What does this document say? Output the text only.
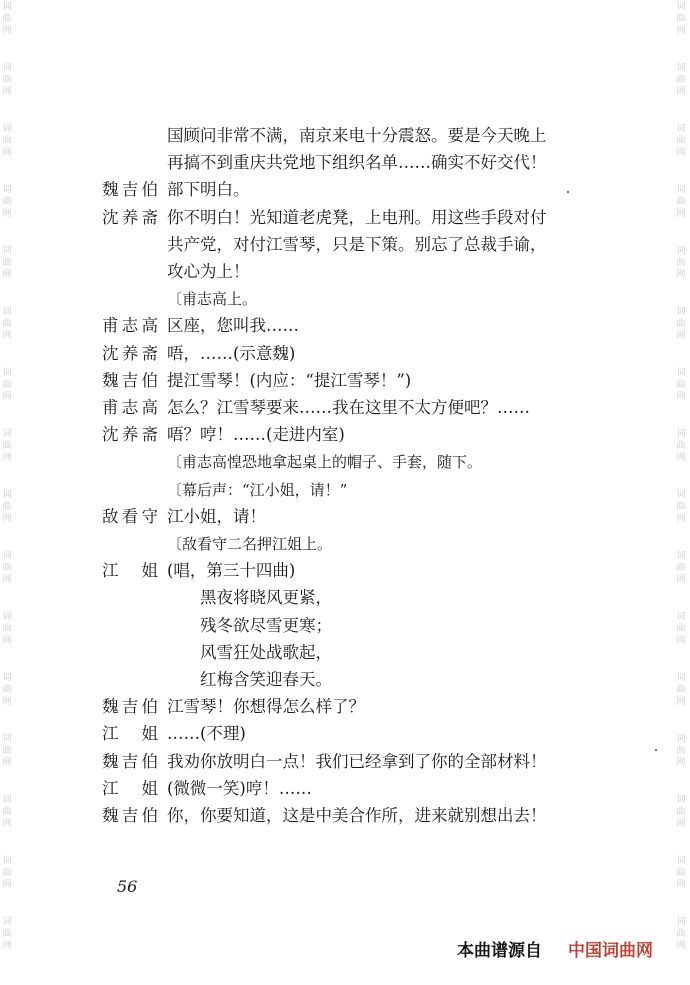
词
曲
网
词
曲
网
词
曲
网
词
曲
网
词
曲
网
词
曲
网
词
曲
网
词
曲
网
词
曲
网
词
曲
网
词
曲
网
词
曲
网
词
曲
网
词
曲
网
词
曲
网
词
曲
网
词
曲
网
词
曲
网
词
曲
网
词
曲
网
词
曲
网
词
曲
网
词
曲
网
词
曲
网
词
曲
网
词
曲
网
词
曲
网
词
曲
网
词
曲
网
词
曲
网
词
曲
网
词
曲
网
国顾问非常不满，南京来电十分震怒。要是今天晚上
再搞不到重庆共党地下组织名单……确实不好交代！
魏吉伯 部下明白。
沈养斋 你不明白！光知道老虎凳，上电刑。用这些手段对付
共产党，对付江雪琴，只是下策。别忘了总裁手谕，
攻心为上！
〔甫志高上。
甫志高 区座，您叫我……
沈养斋 唔，……(示意魏)
魏吉伯 提江雪琴！(内应：“提江雪琴！”)
甫志高 怎么？江雪琴要来……我在这里不太方便吧？……
沈养斋 唔？哼！……(走进内室)
〔甫志高惶恐地拿起桌上的帽子、手套，随下。
〔幕后声：“江小姐，请！”
敌看守 江小姐，请！
〔敌看守二名押江姐上。
江姐 (唱，第三十四曲)
　　黑夜将晓风更紧，
　　残冬欲尽雪更寒；
　　风雪狂处战歌起，
　　红梅含笑迎春天。
魏吉伯 江雪琴！你想得怎么样了？
江姐 ……(不理)
魏吉伯 我劝你放明白一点！我们已经拿到了你的全部材料！
江姐 (微微一笑)哼！……
魏吉伯 你，你要知道，这是中美合作所，进来就别想出去！
56
本曲谱源自 中国词曲网
